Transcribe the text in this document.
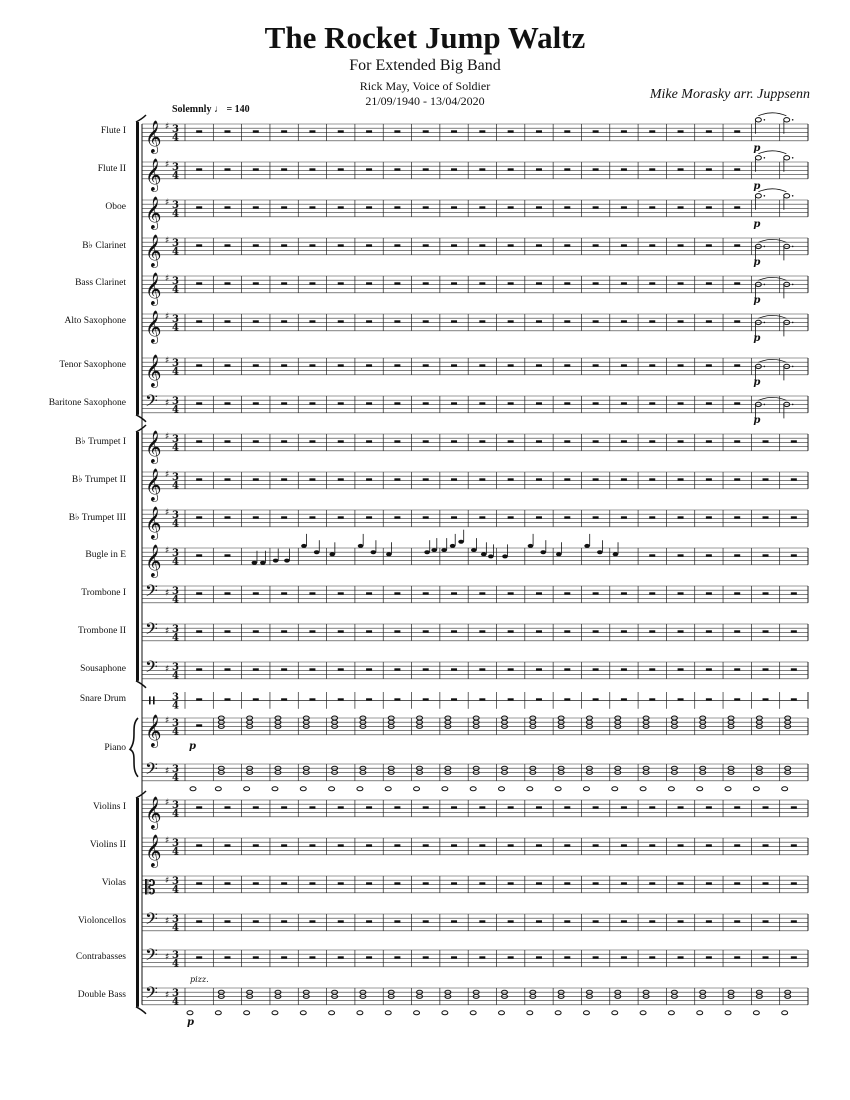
The Rocket Jump Waltz
For Extended Big Band
Rick May, Voice of Soldier
21/09/1940 - 13/04/2020	Mike Morasky arr. Juppsenn
Solemnly ♩ = 140
Flute I
Flute II
Oboe
B♭ Clarinet
Bass Clarinet
Alto Saxophone
Tenor Saxophone
Baritone Saxophone
B♭ Trumpet I
B♭ Trumpet II
B♭ Trumpet III
Bugle in E
Trombone I
Trombone II
Sousaphone
Snare Drum
Piano
Violins I
Violins II
Violas
Violoncellos
Contrabasses
Double Bass
𝄞 ♯ 3
4
𝄞 ♯ 3
4
𝄞 ♯ 3
4
𝄞 ♯ 3
4
𝄞 ♯ 3
4
𝄞 ♯ 3
4
𝄞 ♯ 3
4
𝄢 ♯ 3
4
𝄞 ♯ 3
4
𝄞 ♯ 3
4
𝄞 ♯ 3
4
𝄞 ♯ 3
4
𝄢 ♯ 3
4
𝄢 ♯ 3
4
𝄢 ♯ 3
4
3
4
𝄞 ♯ 3
4
𝄢 ♯ 3
4
𝄞 ♯ 3
4
𝄞 ♯ 3
4
𝄡 ♯ 3
4
𝄢 ♯ 3
4
𝄢 ♯ 3
4
𝄢 ♯ 3
4
p
p
p
p
p
p
p
p
p
pizz.
p
